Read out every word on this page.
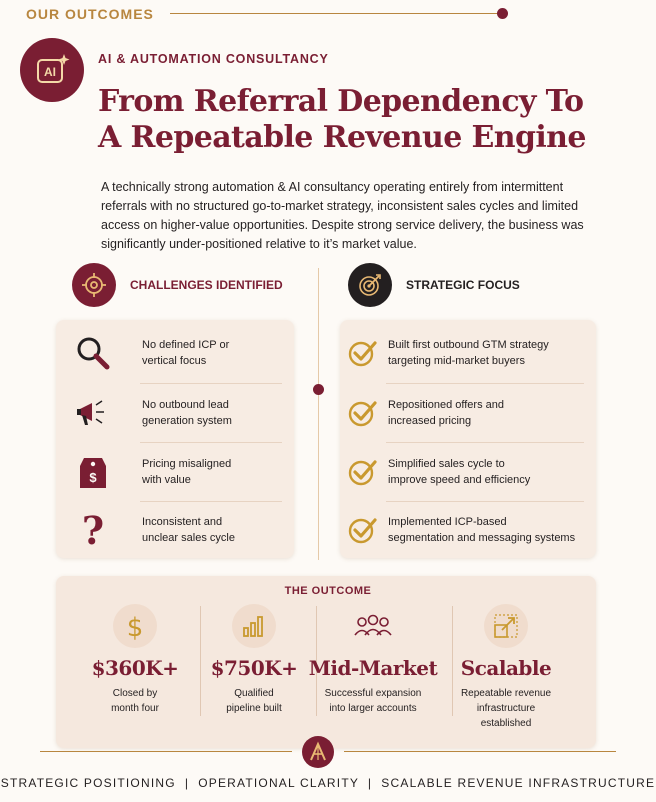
OUR OUTCOMES
AI
AI & AUTOMATION CONSULTANCY
From Referral Dependency To
A Repeatable Revenue Engine

A technically strong automation & AI consultancy operating entirely from intermittent referrals with no structured go-to-market strategy, inconsistent sales cycles and limited access on higher-value opportunities. Despite strong service delivery, the business was significantly under-positioned relative to it’s market value.

CHALLENGES IDENTIFIED	STRATEGIC FOCUS
No defined ICP or
vertical focus
No outbound lead
generation system
$
Pricing misaligned
with value
?	Inconsistent and
unclear sales cycle
Built first outbound GTM strategy
targeting mid-market buyers
Repositioned offers and
increased pricing
Simplified sales cycle to
improve speed and efficiency
Implemented ICP-based
segmentation and messaging systems
THE OUTCOME
$
$360K+
Closed by
month four
$750K+
Qualified
pipeline built
Mid-Market
Successful expansion
into larger accounts
Scalable
Repeatable revenue
infrastructure
established
STRATEGIC POSITIONING  |  OPERATIONAL CLARITY  |  SCALABLE REVENUE INFRASTRUCTURE
